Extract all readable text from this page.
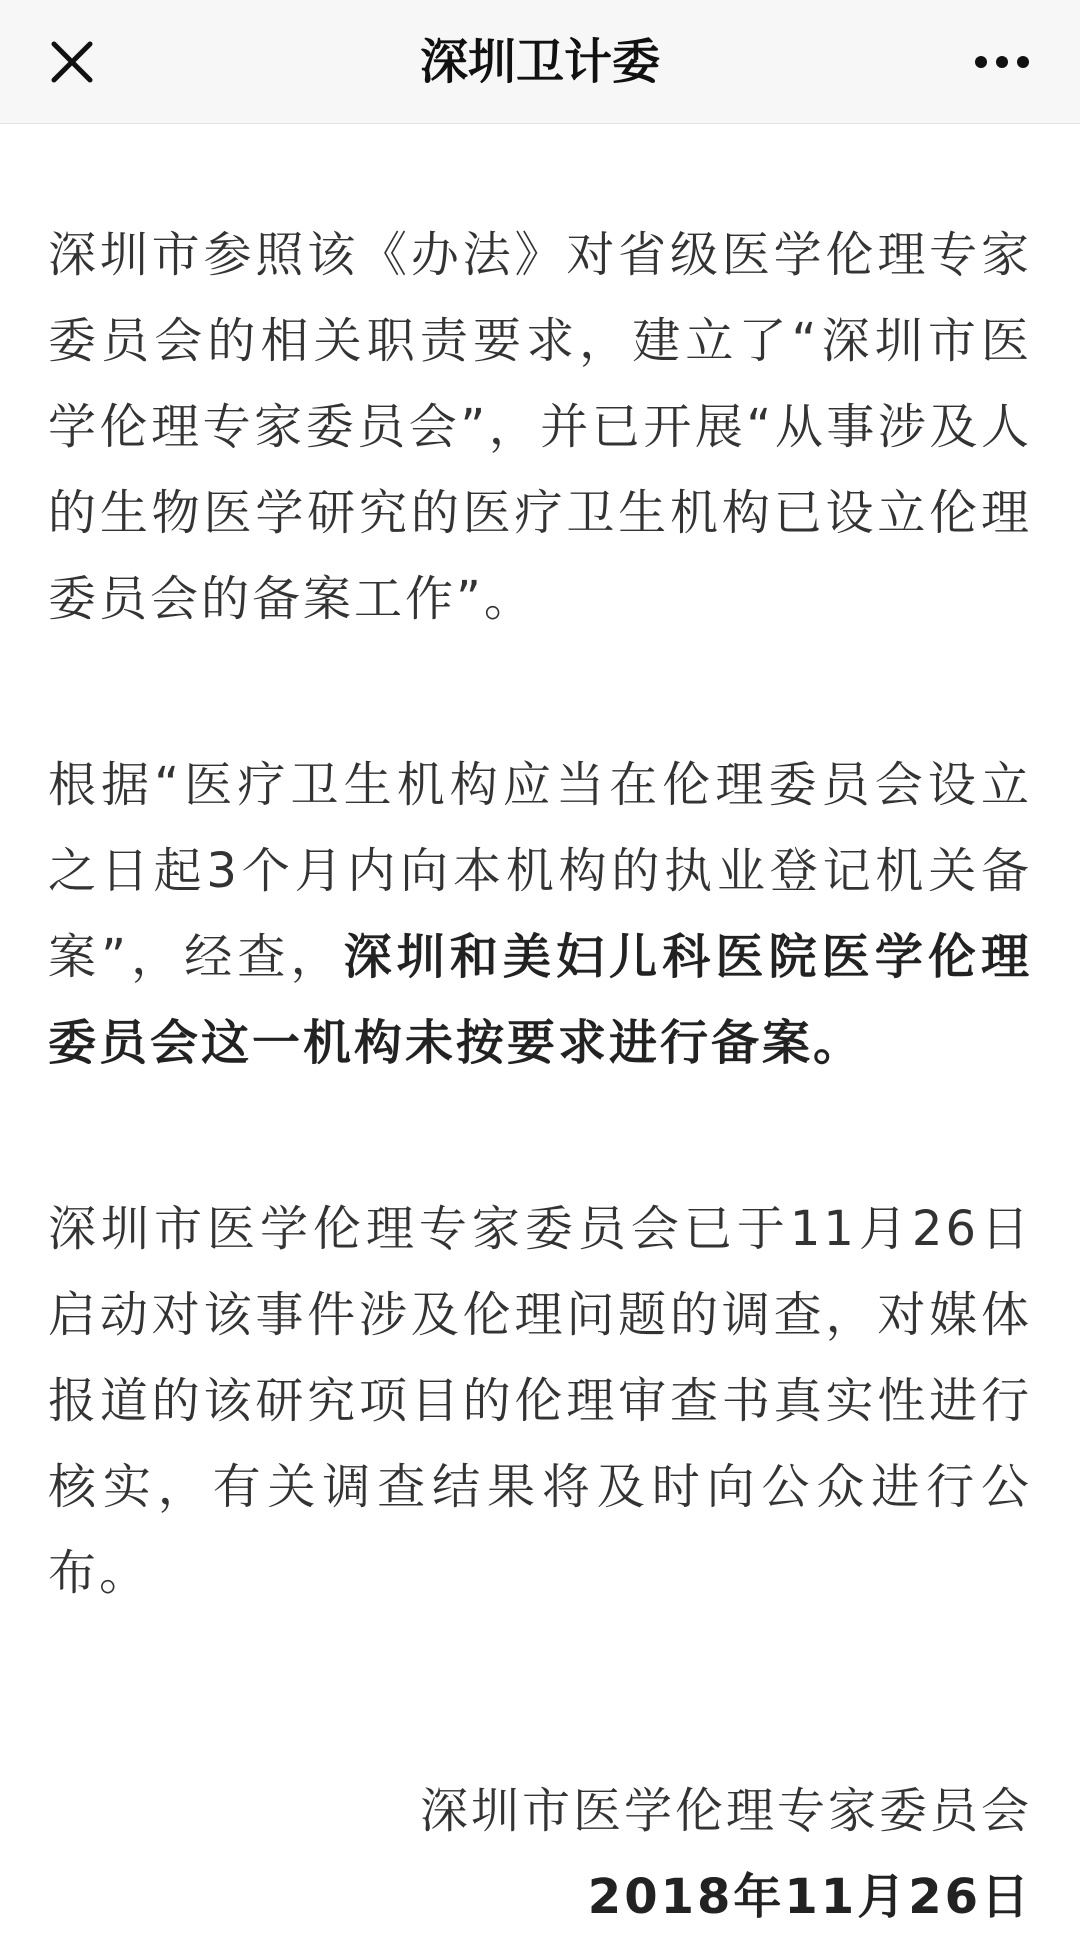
深圳卫计委

深圳市参照该《办法》对省级医学伦理专家委员会的相关职责要求，建立了“深圳市医学伦理专家委员会”，并已开展“从事涉及人的生物医学研究的医疗卫生机构已设立伦理委员会的备案工作”。

根据“医疗卫生机构应当在伦理委员会设立之日起3个月内向本机构的执业登记机关备案”，经查，深圳和美妇儿科医院医学伦理委员会这一机构未按要求进行备案。

深圳市医学伦理专家委员会已于11月26日启动对该事件涉及伦理问题的调查，对媒体报道的该研究项目的伦理审查书真实性进行核实，有关调查结果将及时向公众进行公布。

深圳市医学伦理专家委员会
2018年11月26日
